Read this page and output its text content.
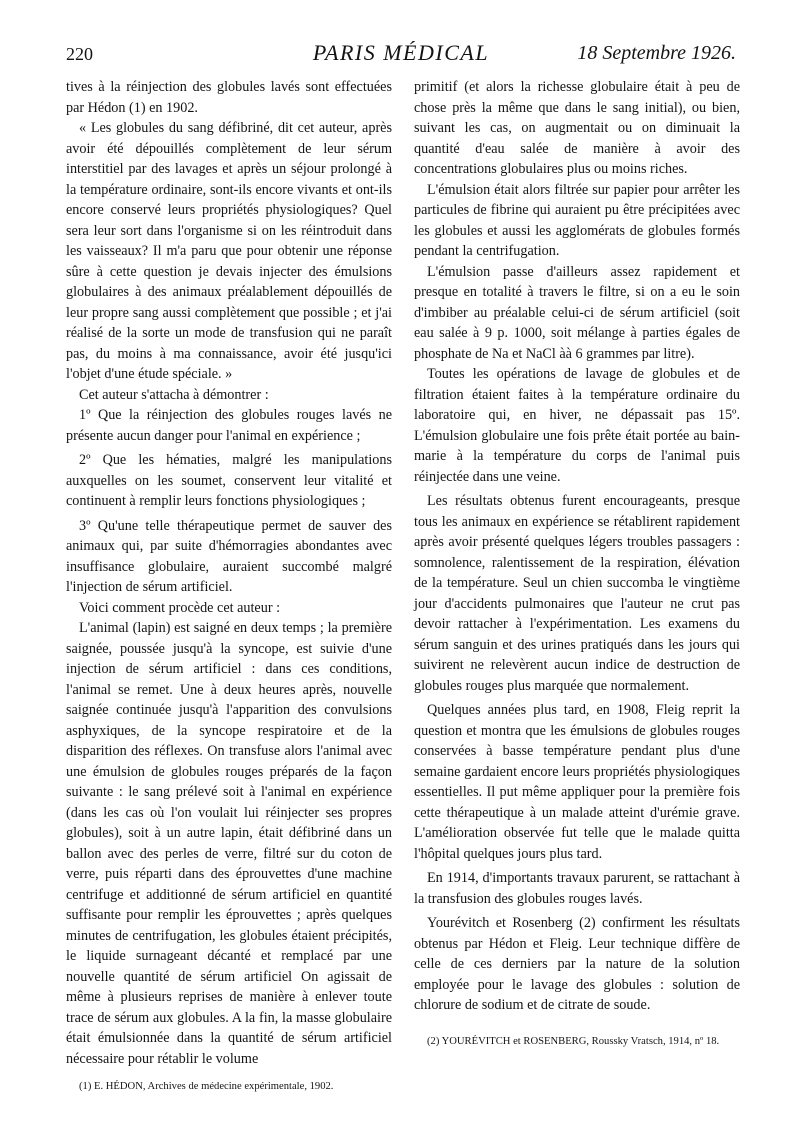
220	PARIS MÉDICAL	18 Septembre 1926.

tives à la réinjection des globules lavés sont effectuées par Hédon (1) en 1902.

« Les globules du sang défibriné, dit cet auteur, après avoir été dépouillés complètement de leur sérum interstitiel par des lavages et après un séjour prolongé à la température ordinaire, sont-ils encore vivants et ont-ils encore conservé leurs propriétés physiologiques? Quel sera leur sort dans l'organisme si on les réintroduit dans les vaisseaux? Il m'a paru que pour obtenir une réponse sûre à cette question je devais injecter des émulsions globulaires à des animaux préalablement dépouillés de leur propre sang aussi complètement que possible ; et j'ai réalisé de la sorte un mode de transfusion qui ne paraît pas, du moins à ma connaissance, avoir été jusqu'ici l'objet d'une étude spéciale. »

Cet auteur s'attacha à démontrer :

1º Que la réinjection des globules rouges lavés ne présente aucun danger pour l'animal en expérience ;

2º Que les hématies, malgré les manipulations auxquelles on les soumet, conservent leur vitalité et continuent à remplir leurs fonctions physiologiques ;

3º Qu'une telle thérapeutique permet de sauver des animaux qui, par suite d'hémorragies abondantes avec insuffisance globulaire, auraient succombé malgré l'injection de sérum artificiel.

Voici comment procède cet auteur :

L'animal (lapin) est saigné en deux temps ; la première saignée, poussée jusqu'à la syncope, est suivie d'une injection de sérum artificiel : dans ces conditions, l'animal se remet. Une à deux heures après, nouvelle saignée continuée jusqu'à l'apparition des convulsions asphyxiques, de la syncope respiratoire et de la disparition des réflexes. On transfuse alors l'animal avec une émulsion de globules rouges préparés de la façon suivante : le sang prélevé soit à l'animal en expérience (dans les cas où l'on voulait lui réinjecter ses propres globules), soit à un autre lapin, était défibriné dans un ballon avec des perles de verre, filtré sur du coton de verre, puis réparti dans des éprouvettes d'une machine centrifuge et additionné de sérum artificiel en quantité suffisante pour remplir les éprouvettes ; après quelques minutes de centrifugation, les globules étaient précipités, le liquide surnageant décanté et remplacé par une nouvelle quantité de sérum artificiel On agissait de même à plusieurs reprises de manière à enlever toute trace de sérum aux globules. A la fin, la masse globulaire était émulsionnée dans la quantité de sérum artificiel nécessaire pour rétablir le volume

(1) E. HÉDON, Archives de médecine expérimentale, 1902.

primitif (et alors la richesse globulaire était à peu de chose près la même que dans le sang initial), ou bien, suivant les cas, on augmentait ou on diminuait la quantité d'eau salée de manière à avoir des concentrations globulaires plus ou moins riches.

L'émulsion était alors filtrée sur papier pour arrêter les particules de fibrine qui auraient pu être précipitées avec les globules et aussi les agglomérats de globules formés pendant la centrifugation.

L'émulsion passe d'ailleurs assez rapidement et presque en totalité à travers le filtre, si on a eu le soin d'imbiber au préalable celui-ci de sérum artificiel (soit eau salée à 9 p. 1000, soit mélange à parties égales de phosphate de Na et NaCl àà 6 grammes par litre).

Toutes les opérations de lavage de globules et de filtration étaient faites à la température ordinaire du laboratoire qui, en hiver, ne dépassait pas 15º. L'émulsion globulaire une fois prête était portée au bain-marie à la température du corps de l'animal puis réinjectée dans une veine.

Les résultats obtenus furent encourageants, presque tous les animaux en expérience se rétablirent rapidement après avoir présenté quelques légers troubles passagers : somnolence, ralentissement de la respiration, élévation de la température. Seul un chien succomba le vingtième jour d'accidents pulmonaires que l'auteur ne crut pas devoir rattacher à l'expérimentation. Les examens du sérum sanguin et des urines pratiqués dans les jours qui suivirent ne relevèrent aucun indice de destruction de globules rouges plus marquée que normalement.

Quelques années plus tard, en 1908, Fleig reprit la question et montra que les émulsions de globules rouges conservées à basse température pendant plus d'une semaine gardaient encore leurs propriétés physiologiques essentielles. Il put même appliquer pour la première fois cette thérapeutique à un malade atteint d'urémie grave. L'amélioration observée fut telle que le malade quitta l'hôpital quelques jours plus tard.

En 1914, d'importants travaux parurent, se rattachant à la transfusion des globules rouges lavés.

Yourévitch et Rosenberg (2) confirment les résultats obtenus par Hédon et Fleig. Leur technique diffère de celle de ces derniers par la nature de la solution employée pour le lavage des globules : solution de chlorure de sodium et de citrate de soude.

(2) YOURÉVITCH et ROSENBERG, Roussky Vratsch, 1914, nº 18.
